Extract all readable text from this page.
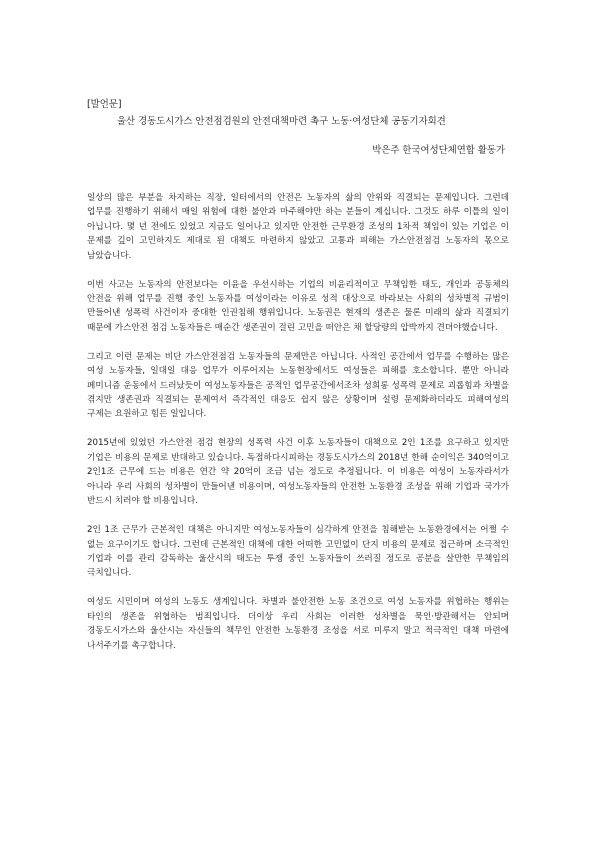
[발언문]

울산 경동도시가스 안전점검원의 안전대책마련 촉구 노동·여성단체 공동기자회견

박은주 한국여성단체연합 활동가

일상의 많은 부분을 차지하는 직장, 일터에서의 안전은 노동자의 삶의 안위와 직결되는 문제입니다. 그런데 업무를 진행하기 위해서 매일 위험에 대한 불안과 마주해야만 하는 분들이 계십니다. 그것도 하루 이틀의 일이 아닙니다. 몇 년 전에도 있었고 지금도 일어나고 있지만 안전한 근무환경 조성의 1차적 책임이 있는 기업은 이 문제를 깊이 고민하지도 제대로 된 대책도 마련하지 않았고 고통과 피해는 가스안전점검 노동자의 몫으로 남았습니다.

이번 사고는 노동자의 안전보다는 이윤을 우선시하는 기업의 비윤리적이고 무책임한 태도, 개인과 공동체의 안전을 위해 업무를 진행 중인 노동자를 여성이라는 이유로 성적 대상으로 바라보는 사회의 성차별적 규범이 만들어낸 성폭력 사건이자 중대한 인권침해 행위입니다. 노동권은 현재의 생존은 물론 미래의 삶과 직결되기 때문에 가스안전 점검 노동자들은 매순간 생존권이 걸린 고민을 떠안은 채 할당량의 압박까지 견뎌야했습니다.

그리고 이런 문제는 비단 가스안전점검 노동자들의 문제만은 아닙니다. 사적인 공간에서 업무를 수행하는 많은 여성 노동자들, 일대일 대응 업무가 이루어지는 노동현장에서도 여성들은 피해를 호소합니다. 뿐만 아니라 페미니즘 운동에서 드러났듯이 여성노동자들은 공적인 업무공간에서조차 성희롱 성폭력 문제로 괴롭힘과 차별을 겪지만 생존권과 직결되는 문제여서 즉각적인 대응도 쉽지 않은 상황이며 설령 문제화하더라도 피해여성의 구제는 요원하고 힘든 일입니다.

2015년에 있었던 가스안전 점검 현장의 성폭력 사건 이후 노동자들이 대책으로 2인 1조를 요구하고 있지만 기업은 비용의 문제로 반대하고 있습니다. 독점하다시피하는 경동도시가스의 2018년 한해 순이익은 340억이고 2인1조 근무에 드는 비용은 연간 약 20억이 조금 넘는 정도로 추정됩니다. 이 비용은 여성이 노동자라서가 아니라 우리 사회의 성차별이 만들어낸 비용이며, 여성노동자들의 안전한 노동환경 조성을 위해 기업과 국가가 반드시 치러야 할 비용입니다.

2인 1조 근무가 근본적인 대책은 아니지만 여성노동자들이 심각하게 안전을 침해받는 노동환경에서는 어쩔 수 없는 요구이기도 합니다. 그런데 근본적인 대책에 대한 어떠한 고민없이 단지 비용의 문제로 접근하며 소극적인 기업과 이를 관리 감독하는 울산시의 태도는 투쟁 중인 노동자들이 쓰러질 정도로 공분을 살만한 무책임의 극치입니다.

여성도 시민이며 여성의 노동도 생계입니다. 차별과 불안전한 노동 조건으로 여성 노동자를 위협하는 행위는 타인의 생존을 위협하는 범죄입니다. 더이상 우리 사회는 이러한 성차별을 묵인·방관해서는 안되며 경동도시가스와 울산시는 자신들의 책무인 안전한 노동환경 조성을 서로 미루지 말고 적극적인 대책 마련에 나서주기를 촉구합니다.
